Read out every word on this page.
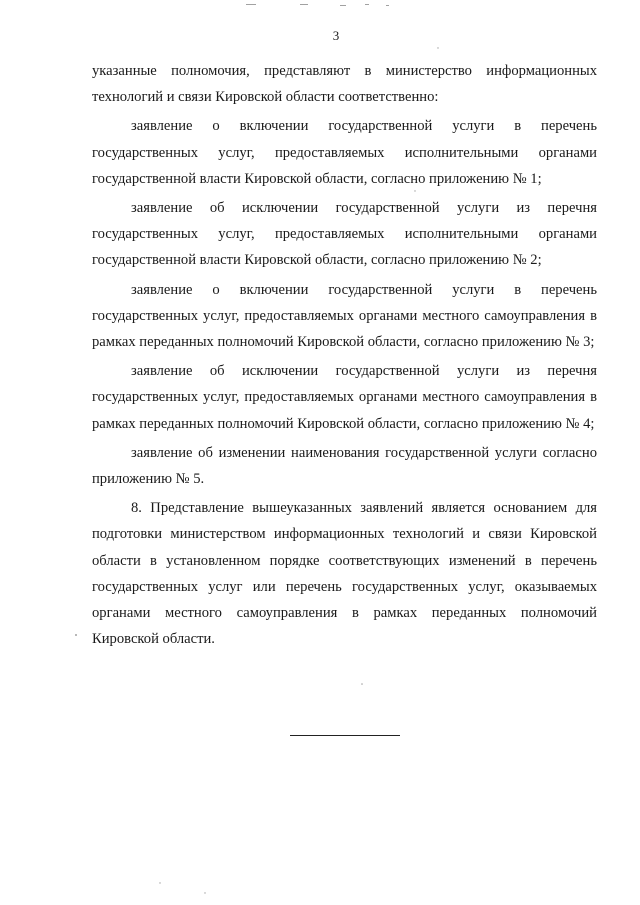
3

указанные полномочия, представляют в министерство информационных технологий и связи Кировской области соответственно:

заявление о включении государственной услуги в перечень государственных услуг, предоставляемых исполнительными органами государственной власти Кировской области, согласно приложению № 1;

заявление об исключении государственной услуги из перечня государственных услуг, предоставляемых исполнительными органами государственной власти Кировской области, согласно приложению № 2;

заявление о включении государственной услуги в перечень государственных услуг, предоставляемых органами местного самоуправления в рамках переданных полномочий Кировской области, согласно приложению № 3;

заявление об исключении государственной услуги из перечня государственных услуг, предоставляемых органами местного самоуправления в рамках переданных полномочий Кировской области, согласно приложению № 4;

заявление об изменении наименования государственной услуги согласно приложению № 5.

8. Представление вышеуказанных заявлений является основанием для подготовки министерством информационных технологий и связи Кировской области в установленном порядке соответствующих изменений в перечень государственных услуг или перечень государственных услуг, оказываемых органами местного самоуправления в рамках переданных полномочий Кировской области.
